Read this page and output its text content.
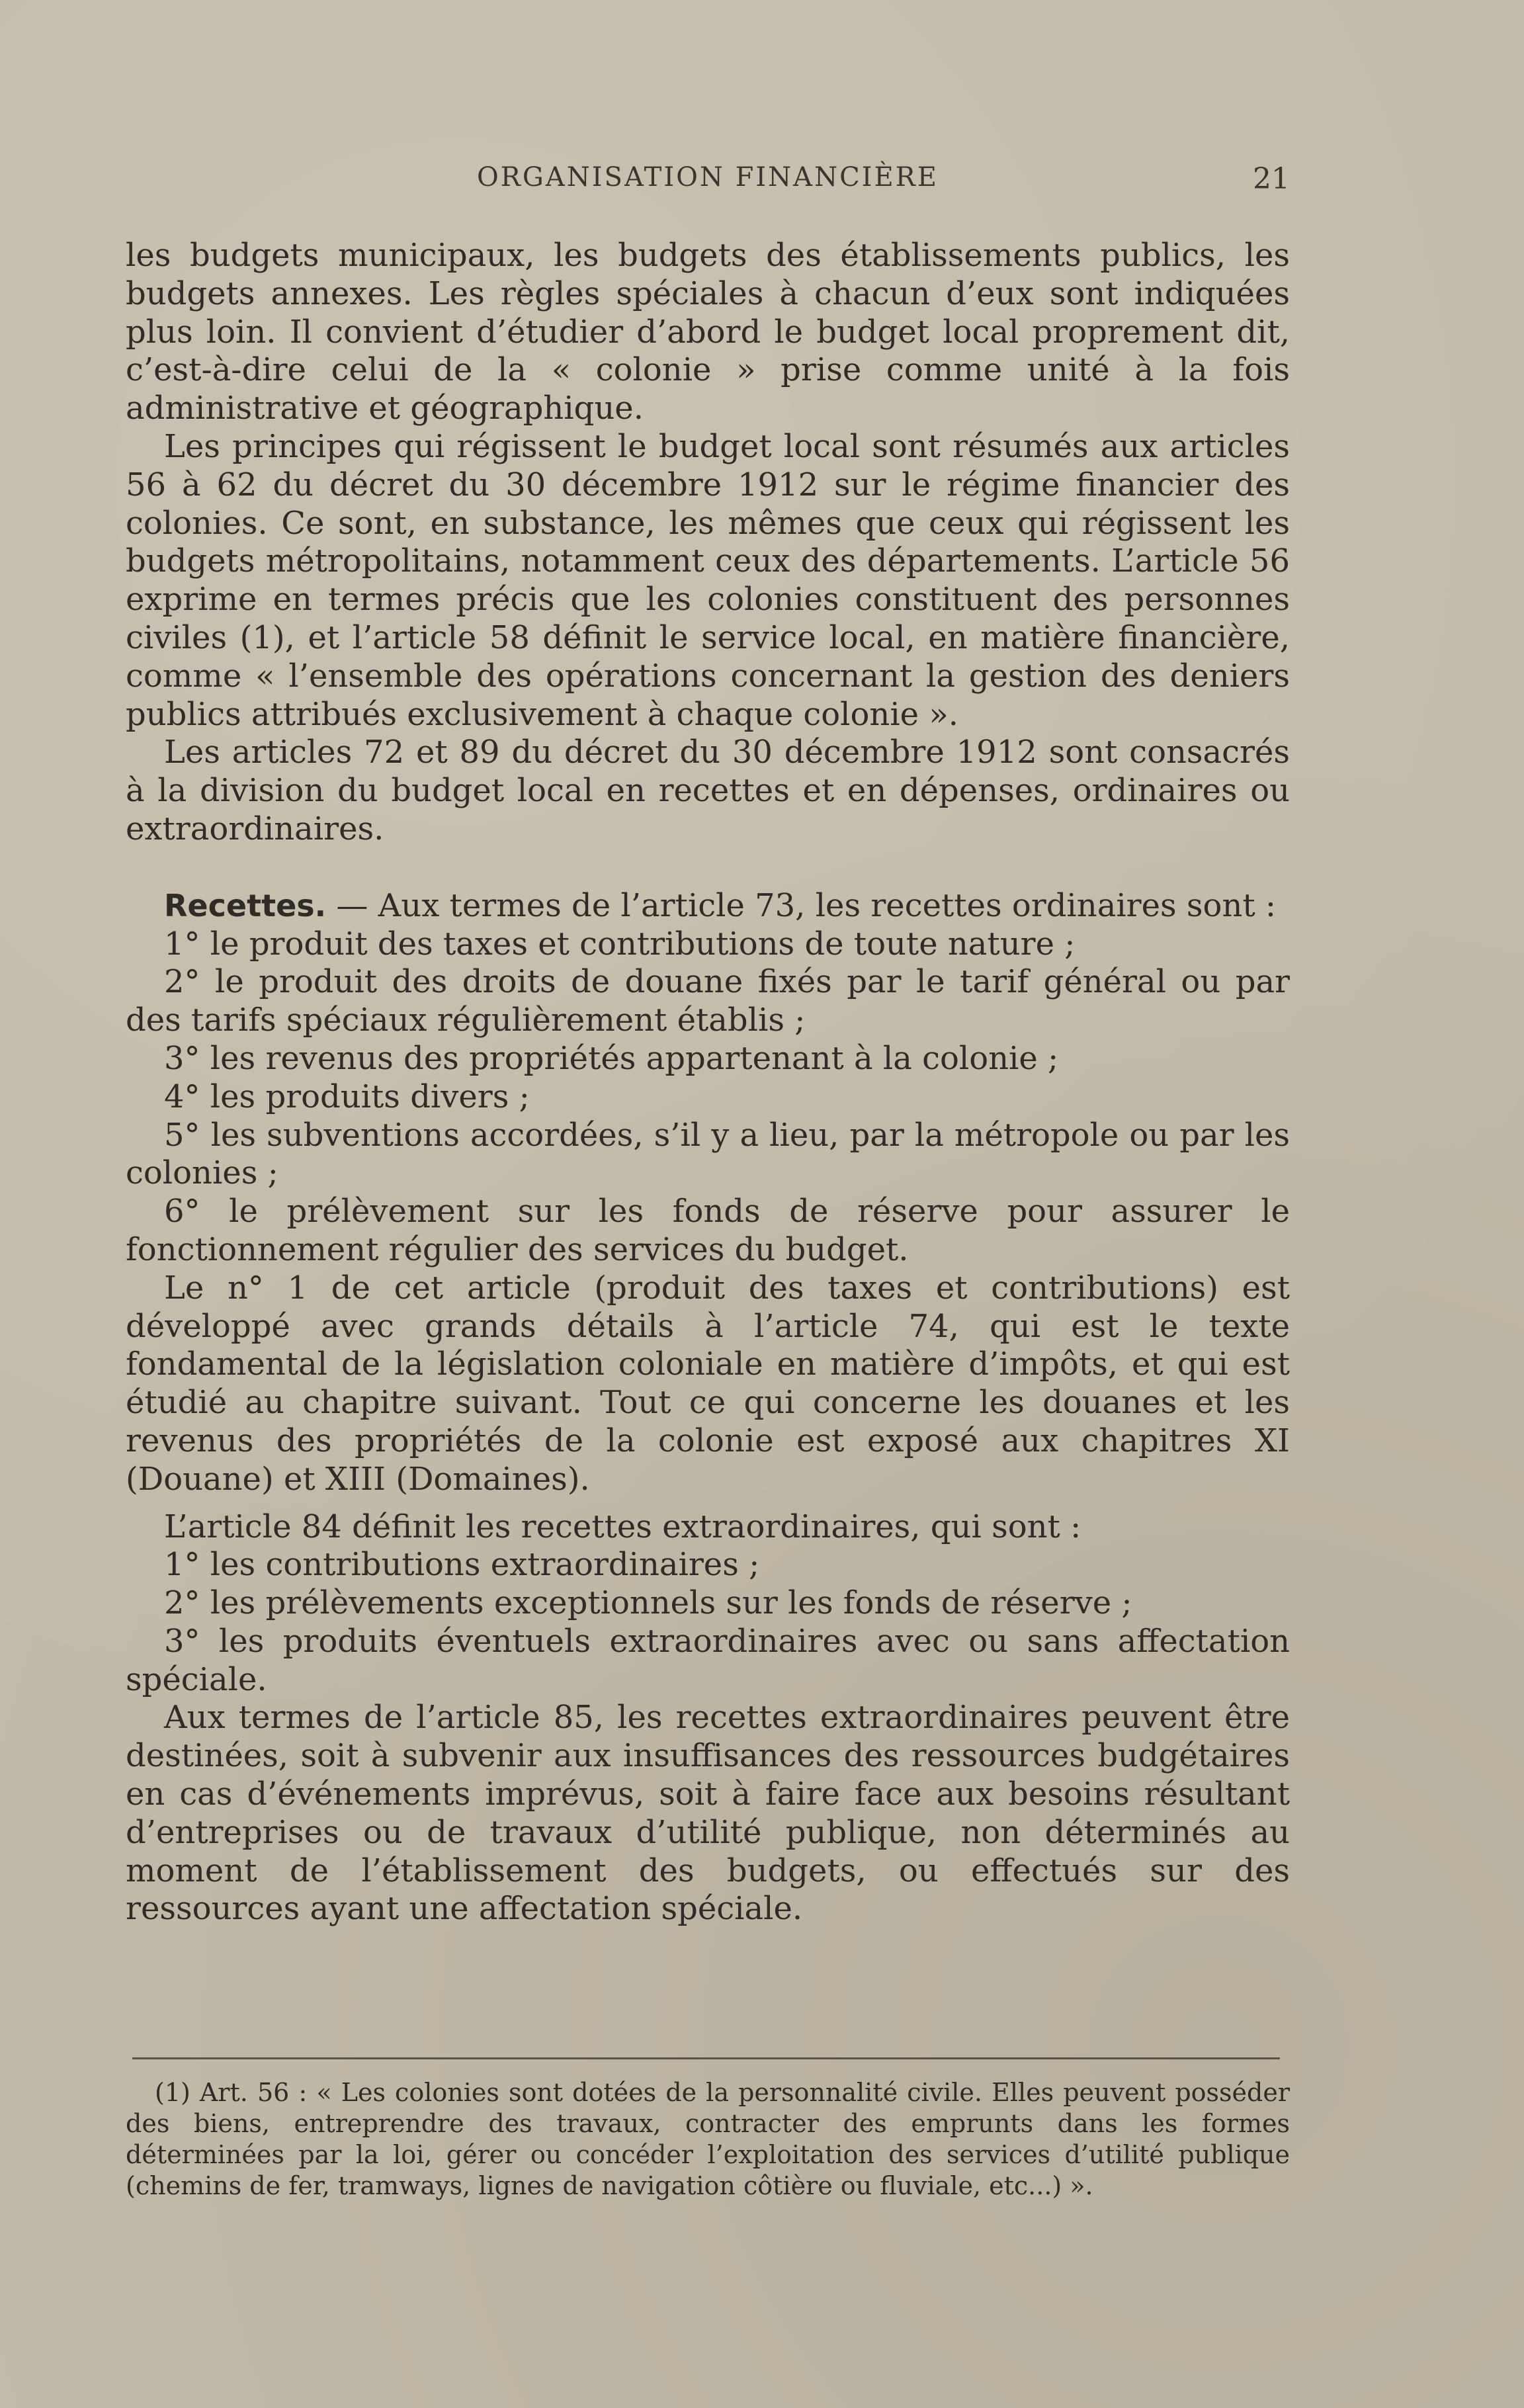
ORGANISATION FINANCIÈRE	21

les budgets municipaux, les budgets des établissements publics, les budgets annexes. Les règles spéciales à chacun d’eux sont indiquées plus loin. Il convient d’étudier d’abord le budget local proprement dit, c’est-à-dire celui de la « colonie » prise comme unité à la fois administrative et géographique.

Les principes qui régissent le budget local sont résumés aux articles 56 à 62 du décret du 30 décembre 1912 sur le régime financier des colonies. Ce sont, en substance, les mêmes que ceux qui régissent les budgets métropolitains, notamment ceux des départements. L’article 56 exprime en termes précis que les colonies constituent des personnes civiles (1), et l’article 58 définit le service local, en matière financière, comme « l’ensemble des opérations concernant la gestion des deniers publics attribués exclusivement à chaque colonie ».

Les articles 72 et 89 du décret du 30 décembre 1912 sont consacrés à la division du budget local en recettes et en dépenses, ordinaires ou extraordinaires.

Recettes. — Aux termes de l’article 73, les recettes ordinaires sont :

1° le produit des taxes et contributions de toute nature ;

2° le produit des droits de douane fixés par le tarif général ou par des tarifs spéciaux régulièrement établis ;

3° les revenus des propriétés appartenant à la colonie ;

4° les produits divers ;

5° les subventions accordées, s’il y a lieu, par la métropole ou par les colonies ;

6° le prélèvement sur les fonds de réserve pour assurer le fonctionnement régulier des services du budget.

Le n° 1 de cet article (produit des taxes et contributions) est développé avec grands détails à l’article 74, qui est le texte fondamental de la législation coloniale en matière d’impôts, et qui est étudié au chapitre suivant. Tout ce qui concerne les douanes et les revenus des propriétés de la colonie est exposé aux chapitres XI (Douane) et XIII (Domaines).

L’article 84 définit les recettes extraordinaires, qui sont :

1° les contributions extraordinaires ;

2° les prélèvements exceptionnels sur les fonds de réserve ;

3° les produits éventuels extraordinaires avec ou sans affectation spéciale.

Aux termes de l’article 85, les recettes extraordinaires peuvent être destinées, soit à subvenir aux insuffisances des ressources budgétaires en cas d’événements imprévus, soit à faire face aux besoins résultant d’entreprises ou de travaux d’utilité publique, non déterminés au moment de l’établissement des budgets, ou effectués sur des ressources ayant une affectation spéciale.

(1) Art. 56 : « Les colonies sont dotées de la personnalité civile. Elles peuvent posséder des biens, entreprendre des travaux, contracter des emprunts dans les formes déterminées par la loi, gérer ou concéder l’exploitation des services d’utilité publique (chemins de fer, tramways, lignes de navigation côtière ou fluviale, etc...) ».
